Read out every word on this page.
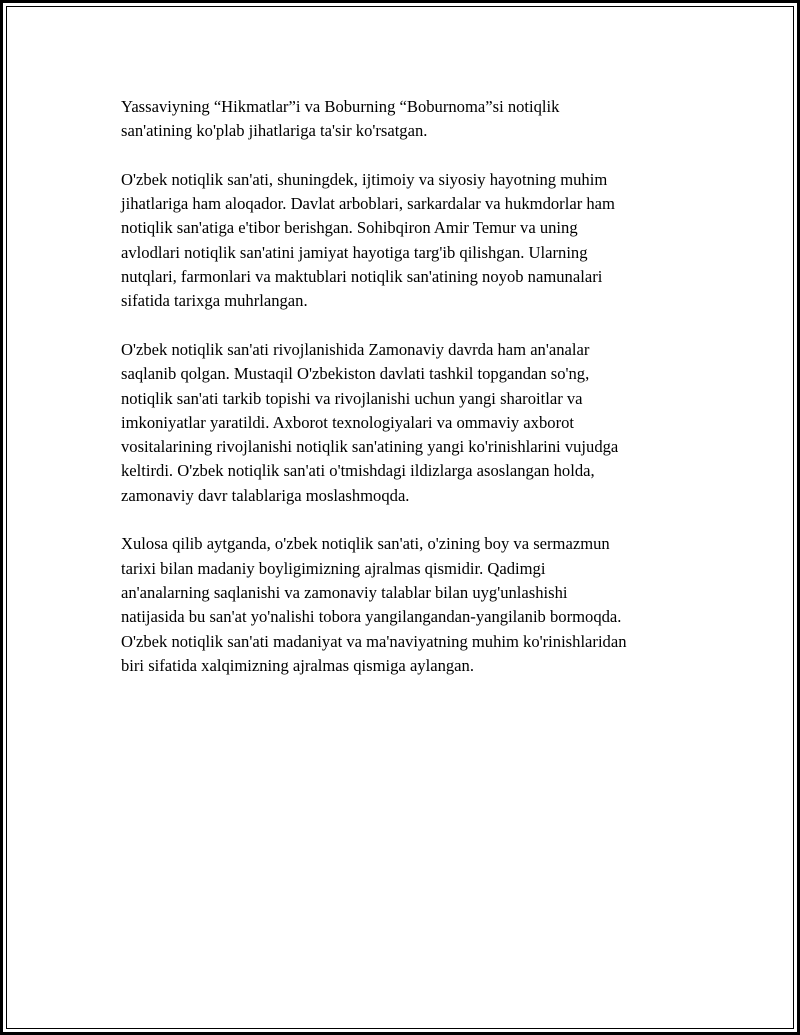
Yassaviyning “Hikmatlar”i va Boburning “Boburnoma”si notiqlik
san'atining ko'plab jihatlariga ta'sir ko'rsatgan.

O'zbek notiqlik san'ati, shuningdek, ijtimoiy va siyosiy hayotning muhim
jihatlariga ham aloqador. Davlat arboblari, sarkardalar va hukmdorlar ham
notiqlik san'atiga e'tibor berishgan. Sohibqiron Amir Temur va uning
avlodlari notiqlik san'atini jamiyat hayotiga targ'ib qilishgan. Ularning
nutqlari, farmonlari va maktublari notiqlik san'atining noyob namunalari
sifatida tarixga muhrlangan.

O'zbek notiqlik san'ati rivojlanishida Zamonaviy davrda ham an'analar
saqlanib qolgan. Mustaqil O'zbekiston davlati tashkil topgandan so'ng,
notiqlik san'ati tarkib topishi va rivojlanishi uchun yangi sharoitlar va
imkoniyatlar yaratildi. Axborot texnologiyalari va ommaviy axborot
vositalarining rivojlanishi notiqlik san'atining yangi ko'rinishlarini vujudga
keltirdi. O'zbek notiqlik san'ati o'tmishdagi ildizlarga asoslangan holda,
zamonaviy davr talablariga moslashmoqda.

Xulosa qilib aytganda, o'zbek notiqlik san'ati, o'zining boy va sermazmun
tarixi bilan madaniy boyligimizning ajralmas qismidir. Qadimgi
an'analarning saqlanishi va zamonaviy talablar bilan uyg'unlashishi
natijasida bu san'at yo'nalishi tobora yangilangandan-yangilanib bormoqda.
O'zbek notiqlik san'ati madaniyat va ma'naviyatning muhim ko'rinishlaridan
biri sifatida xalqimizning ajralmas qismiga aylangan.
